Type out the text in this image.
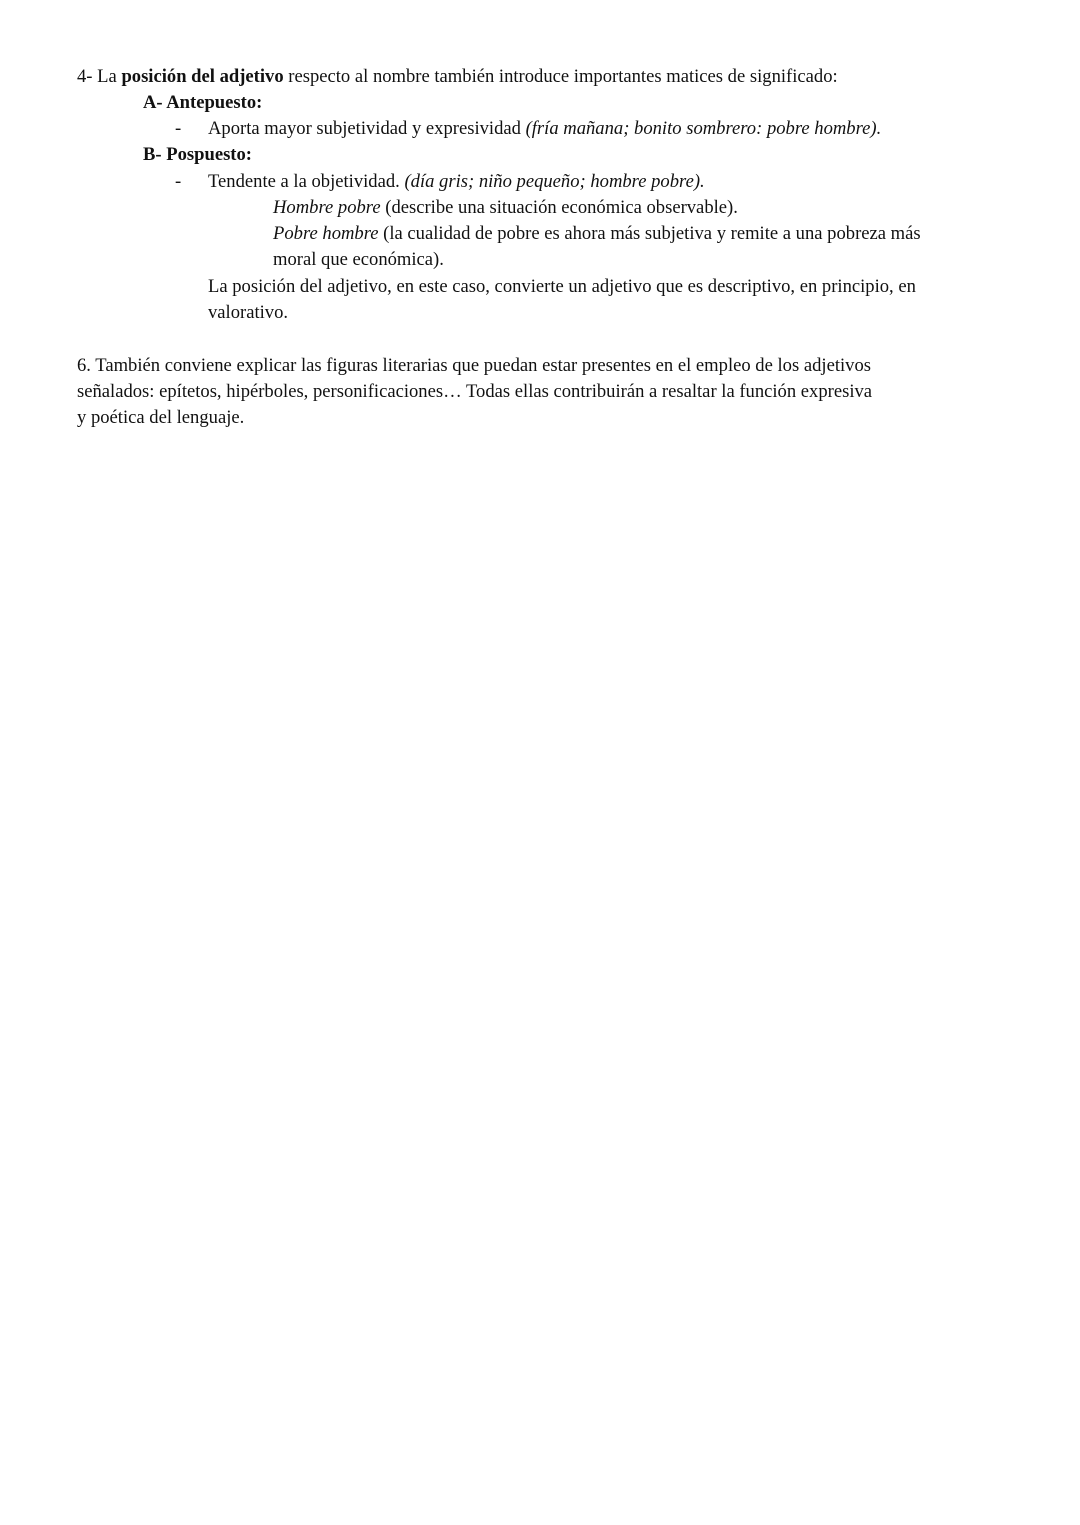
4- La posición del adjetivo respecto al nombre también introduce importantes matices de significado:
A- Antepuesto:
- Aporta mayor subjetividad y expresividad (fría mañana; bonito sombrero: pobre hombre).
B- Pospuesto:
- Tendente a la objetividad. (día gris; niño pequeño; hombre pobre).
Hombre pobre (describe una situación económica observable).
Pobre hombre (la cualidad de pobre es ahora más subjetiva y remite a una pobreza más
moral que económica).
La posición del adjetivo, en este caso, convierte un adjetivo que es descriptivo, en principio, en
valorativo.
6. También conviene explicar las figuras literarias que puedan estar presentes en el empleo de los adjetivos
señalados: epítetos, hipérboles, personificaciones… Todas ellas contribuirán a resaltar la función expresiva
y poética del lenguaje.
